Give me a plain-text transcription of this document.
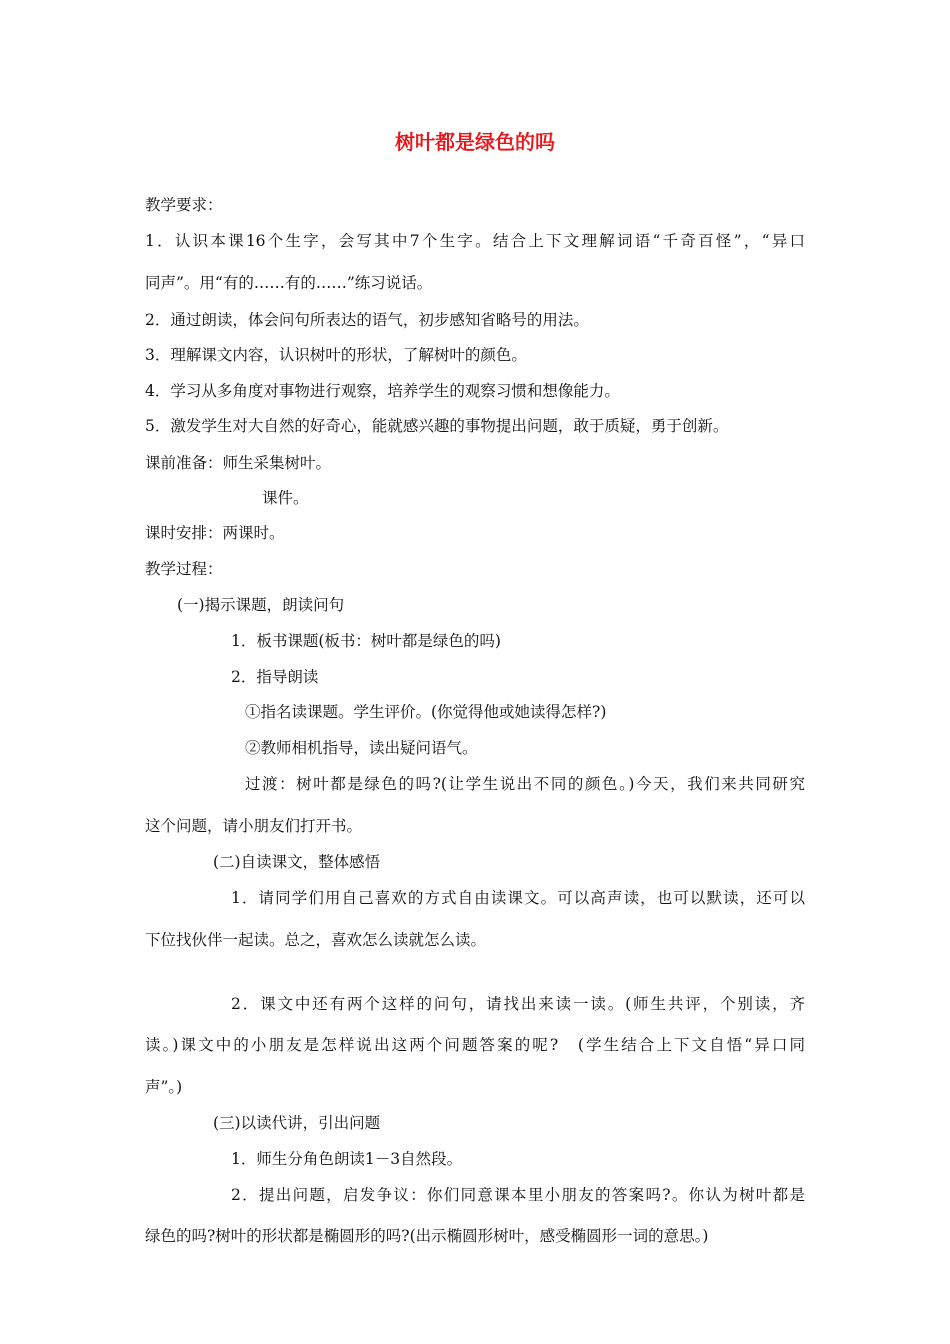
树叶都是绿色的吗
教学要求：
1．认识本课16个生字，会写其中7个生字。结合上下文理解词语“千奇百怪”，“异口
同声”。用“有的……有的……”练习说话。
2．通过朗读，体会问句所表达的语气，初步感知省略号的用法。
3．理解课文内容，认识树叶的形状，了解树叶的颜色。
4．学习从多角度对事物进行观察，培养学生的观察习惯和想像能力。
5．激发学生对大自然的好奇心，能就感兴趣的事物提出问题，敢于质疑，勇于创新。
课前准备：师生采集树叶。
课件。
课时安排：两课时。
教学过程：
(一)揭示课题，朗读问句
1．板书课题(板书：树叶都是绿色的吗)
2．指导朗读
①指名读课题。学生评价。(你觉得他或她读得怎样?)
②教师相机指导，读出疑问语气。
过渡：树叶都是绿色的吗?(让学生说出不同的颜色。)今天，我们来共同研究
这个问题，请小朋友们打开书。
(二)自读课文，整体感悟
1．请同学们用自己喜欢的方式自由读课文。可以高声读，也可以默读，还可以
下位找伙伴一起读。总之，喜欢怎么读就怎么读。
2．课文中还有两个这样的问句，请找出来读一读。(师生共评，个别读，齐
读。)课文中的小朋友是怎样说出这两个问题答案的呢?　(学生结合上下文自悟“异口同
声”。)
(三)以读代讲，引出问题
1．师生分角色朗读1－3自然段。
2．提出问题，启发争议：你们同意课本里小朋友的答案吗?。你认为树叶都是
绿色的吗?树叶的形状都是椭圆形的吗?(出示椭圆形树叶，感受椭圆形一词的意思。)
